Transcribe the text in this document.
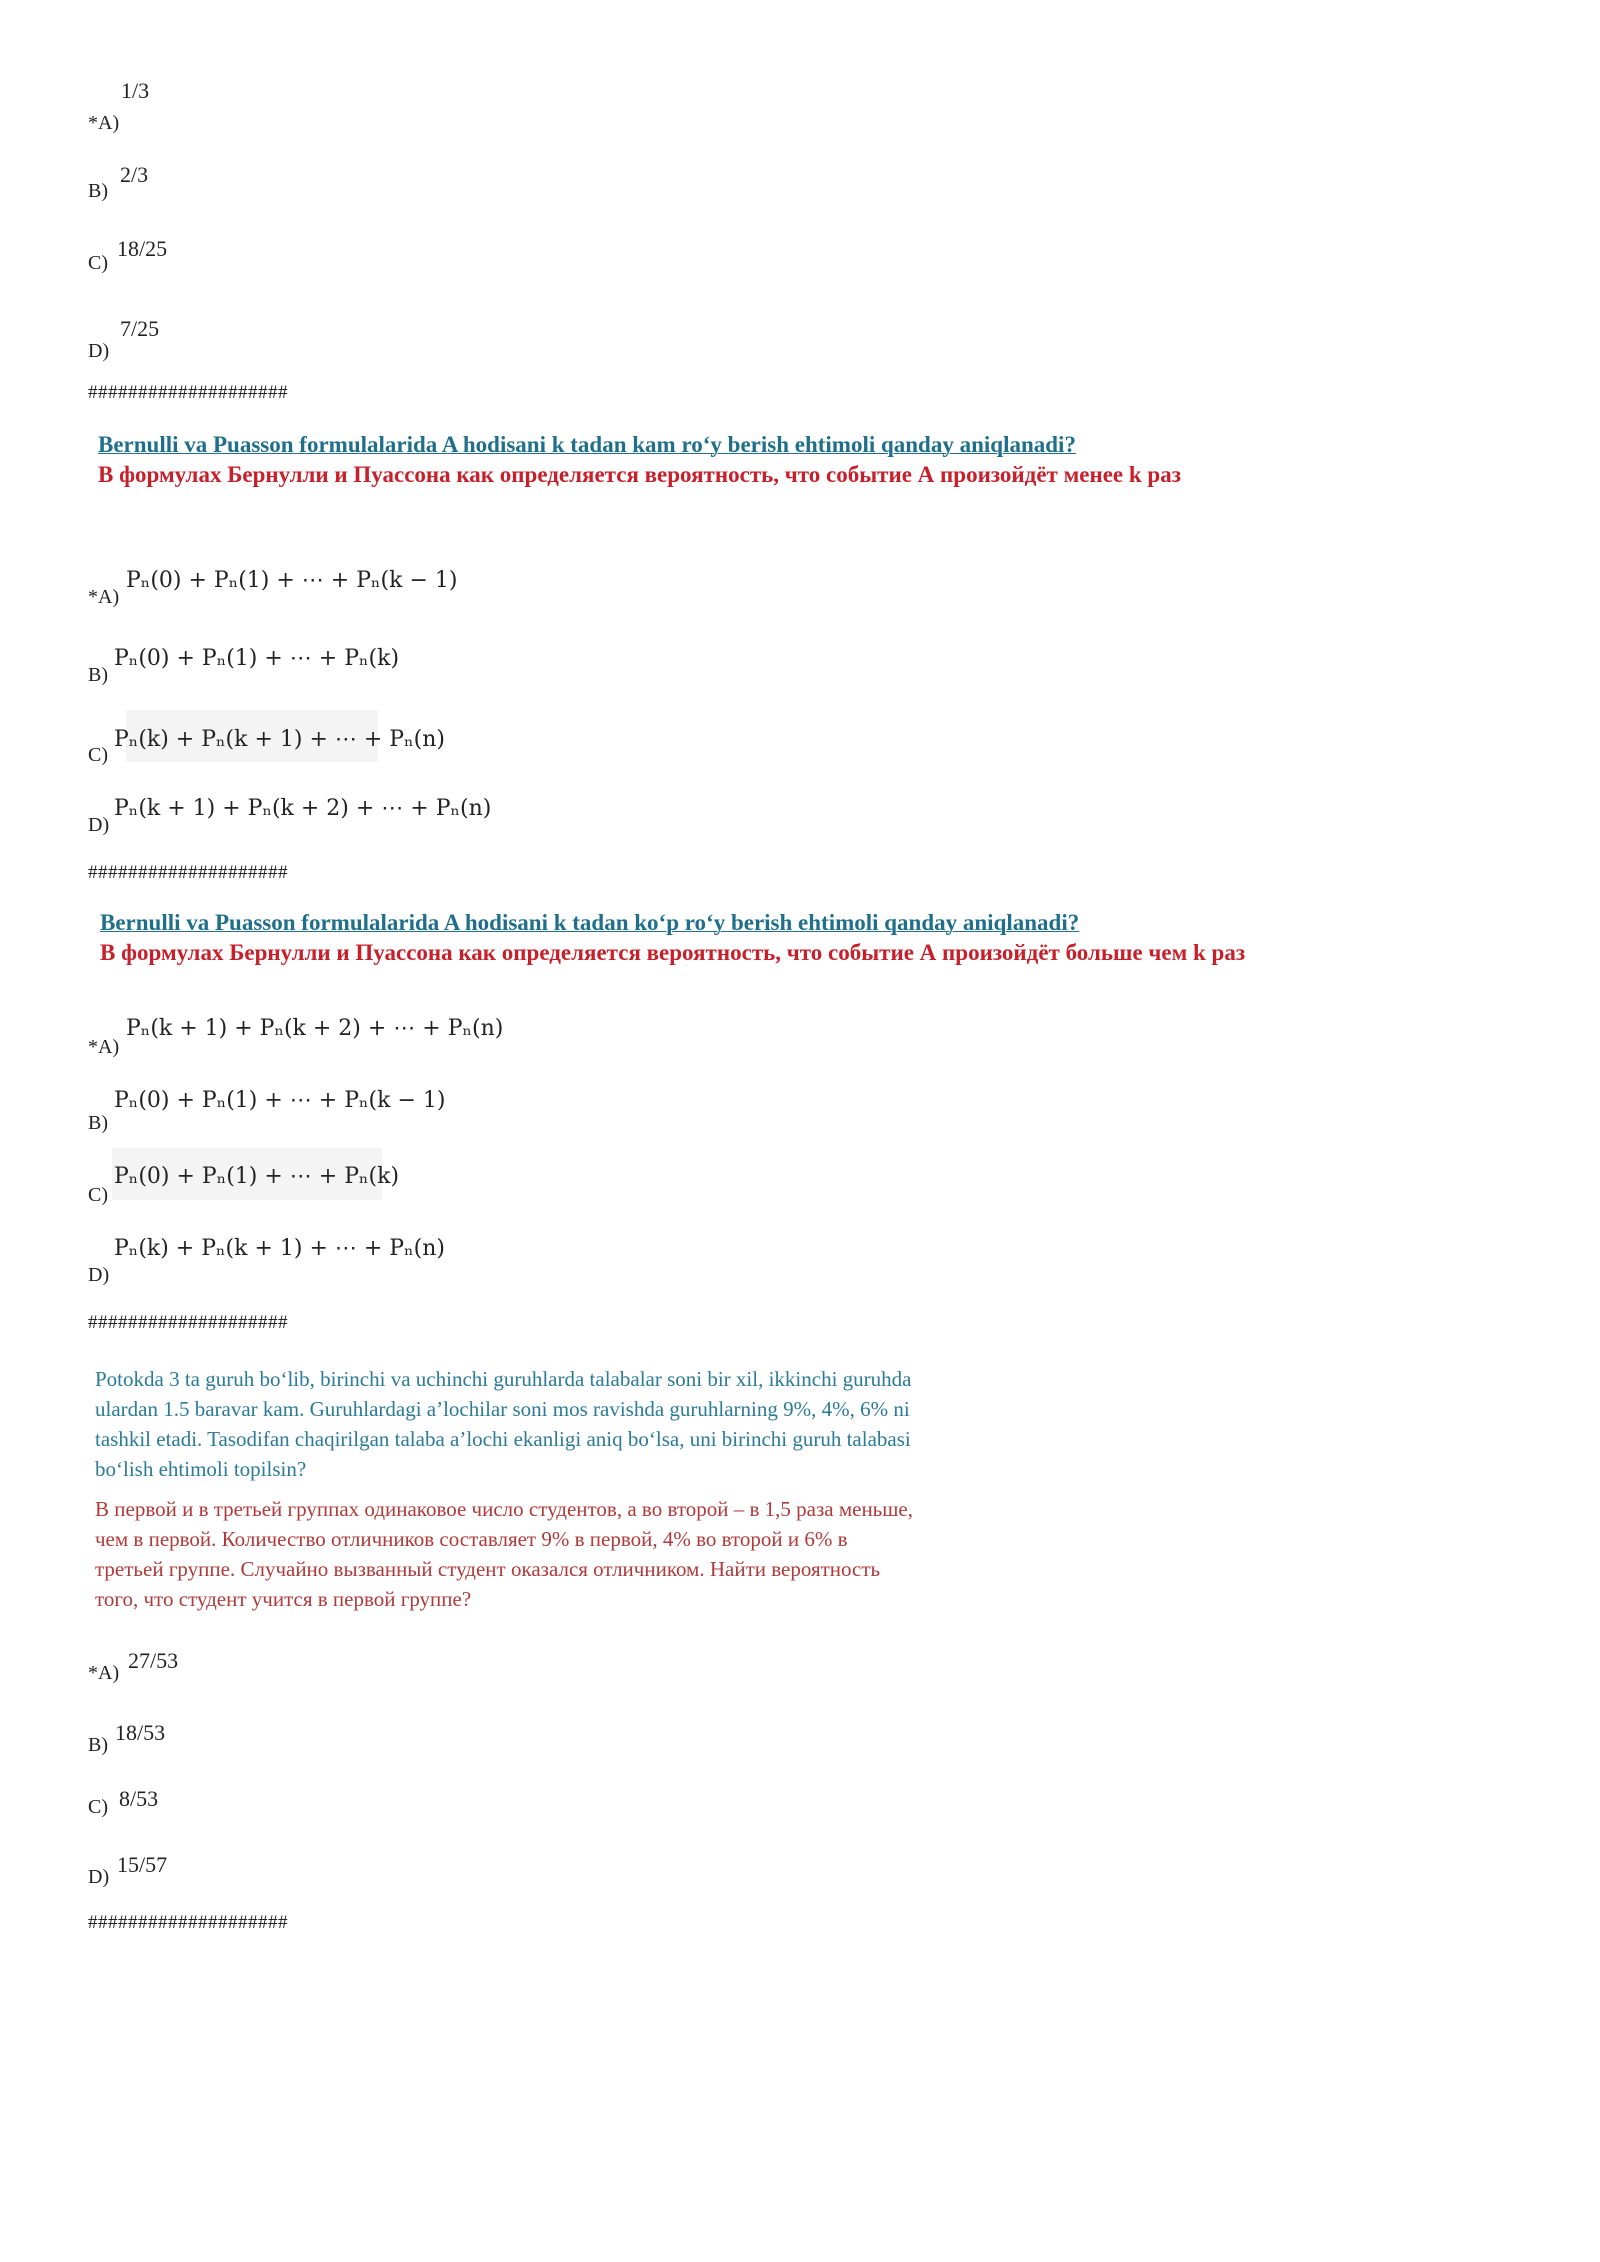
1/3
*A)
2/3
B)
18/25
C)
7/25
D)
####################
Bernulli va Puasson formulalarida A hodisani k tadan kam ro‘y berish ehtimoli qanday aniqlanadi?
В формулах Бернулли и Пуассона как определяется вероятность, что событие А произойдёт менее k раз
Pₙ(0) + Pₙ(1) + ⋯ + Pₙ(k − 1)
*A)
Pₙ(0) + Pₙ(1) + ⋯ + Pₙ(k)
B)
Pₙ(k) + Pₙ(k + 1) + ⋯ + Pₙ(n)
C)
Pₙ(k + 1) + Pₙ(k + 2) + ⋯ + Pₙ(n)
D)
####################
Bernulli va Puasson formulalarida A hodisani k tadan ko‘p ro‘y berish ehtimoli qanday aniqlanadi?
В формулах Бернулли и Пуассона как определяется вероятность, что событие А произойдёт больше чем k раз
Pₙ(k + 1) + Pₙ(k + 2) + ⋯ + Pₙ(n)
*A)
Pₙ(0) + Pₙ(1) + ⋯ + Pₙ(k − 1)
B)
Pₙ(0) + Pₙ(1) + ⋯ + Pₙ(k)
C)
Pₙ(k) + Pₙ(k + 1) + ⋯ + Pₙ(n)
D)
####################
Potokda 3 ta guruh bo‘lib, birinchi va uchinchi guruhlarda talabalar soni bir xil, ikkinchi guruhda ulardan 1.5 baravar kam. Guruhlardagi a’lochilar soni mos ravishda guruhlarning 9%, 4%, 6% ni tashkil etadi. Tasodifan chaqirilgan talaba a’lochi ekanligi aniq bo‘lsa, uni birinchi guruh talabasi bo‘lish ehtimoli topilsin?
В первой и в третьей группах одинаковое число студентов, а во второй – в 1,5 раза меньше, чем в первой. Количество отличников составляет 9% в первой, 4% во второй и 6% в третьей группе. Случайно вызванный студент оказался отличником. Найти вероятность того, что студент учится в первой группе?
27/53
*A)
18/53
B)
8/53
C)
15/57
D)
####################
